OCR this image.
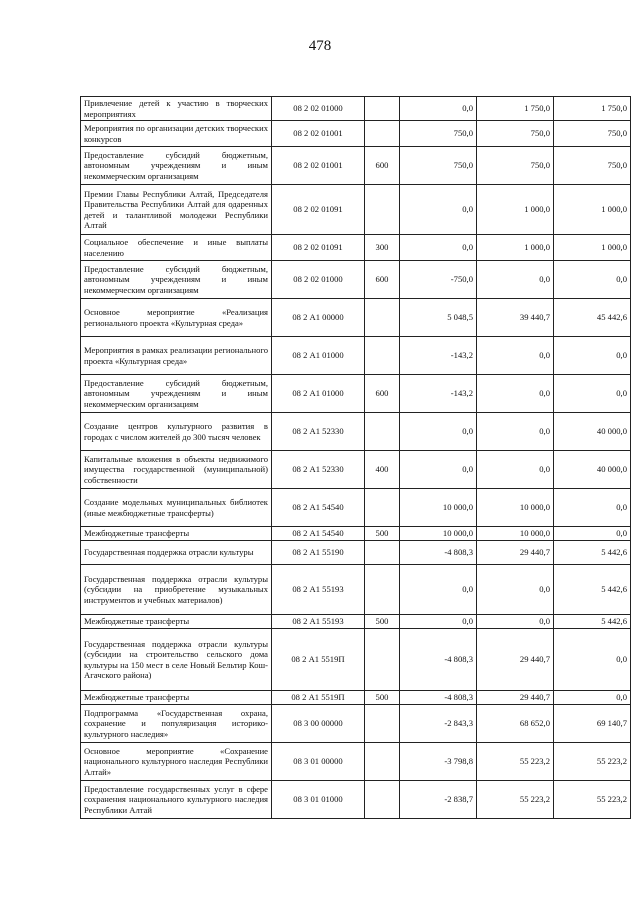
478
Привлечение детей к участию в творческих мероприятиях	08 2 02 01000		0,0	1 750,0	1 750,0
Мероприятия по организации детских творческих конкурсов	08 2 02 01001		750,0	750,0	750,0
Предоставление субсидий бюджетным, автономным учреждениям и иным некоммерческим организациям	08 2 02 01001	600	750,0	750,0	750,0
Премии Главы Республики Алтай, Председателя Правительства Республики Алтай для одаренных детей и талантливой молодежи Республики Алтай	08 2 02 01091		0,0	1 000,0	1 000,0
Социальное обеспечение и иные выплаты населению	08 2 02 01091	300	0,0	1 000,0	1 000,0
Предоставление субсидий бюджетным, автономным учреждениям и иным некоммерческим организациям	08 2 02 01000	600	-750,0	0,0	0,0
Основное мероприятие «Реализация регионального проекта «Культурная среда»	08 2 А1 00000		5 048,5	39 440,7	45 442,6
Мероприятия в рамках реализации регионального проекта «Культурная среда»	08 2 А1 01000		-143,2	0,0	0,0
Предоставление субсидий бюджетным, автономным учреждениям и иным некоммерческим организациям	08 2 А1 01000	600	-143,2	0,0	0,0
Создание центров культурного развития в городах с числом жителей до 300 тысяч человек	08 2 А1 52330		0,0	0,0	40 000,0
Капитальные вложения в объекты недвижимого имущества государственной (муниципальной) собственности	08 2 А1 52330	400	0,0	0,0	40 000,0
Создание модельных муниципальных библиотек (иные межбюджетные трансферты)	08 2 А1 54540		10 000,0	10 000,0	0,0
Межбюджетные трансферты	08 2 А1 54540	500	10 000,0	10 000,0	0,0
Государственная поддержка отрасли культуры	08 2 А1 55190		-4 808,3	29 440,7	5 442,6
Государственная поддержка отрасли культуры (субсидии на приобретение музыкальных инструментов и учебных материалов)	08 2 А1 55193		0,0	0,0	5 442,6
Межбюджетные трансферты	08 2 А1 55193	500	0,0	0,0	5 442,6
Государственная поддержка отрасли культуры (субсидии на строительство сельского дома культуры на 150 мест в селе Новый Бельтир Кош-Агачского района)	08 2 А1 5519П		-4 808,3	29 440,7	0,0
Межбюджетные трансферты	08 2 А1 5519П	500	-4 808,3	29 440,7	0,0
Подпрограмма «Государственная охрана, сохранение и популяризация историко-культурного наследия»	08 3 00 00000		-2 843,3	68 652,0	69 140,7
Основное мероприятие «Сохранение национального культурного наследия Республики Алтай»	08 3 01 00000		-3 798,8	55 223,2	55 223,2
Предоставление государственных услуг в сфере сохранения национального культурного наследия Республики Алтай	08 3 01 01000		-2 838,7	55 223,2	55 223,2
